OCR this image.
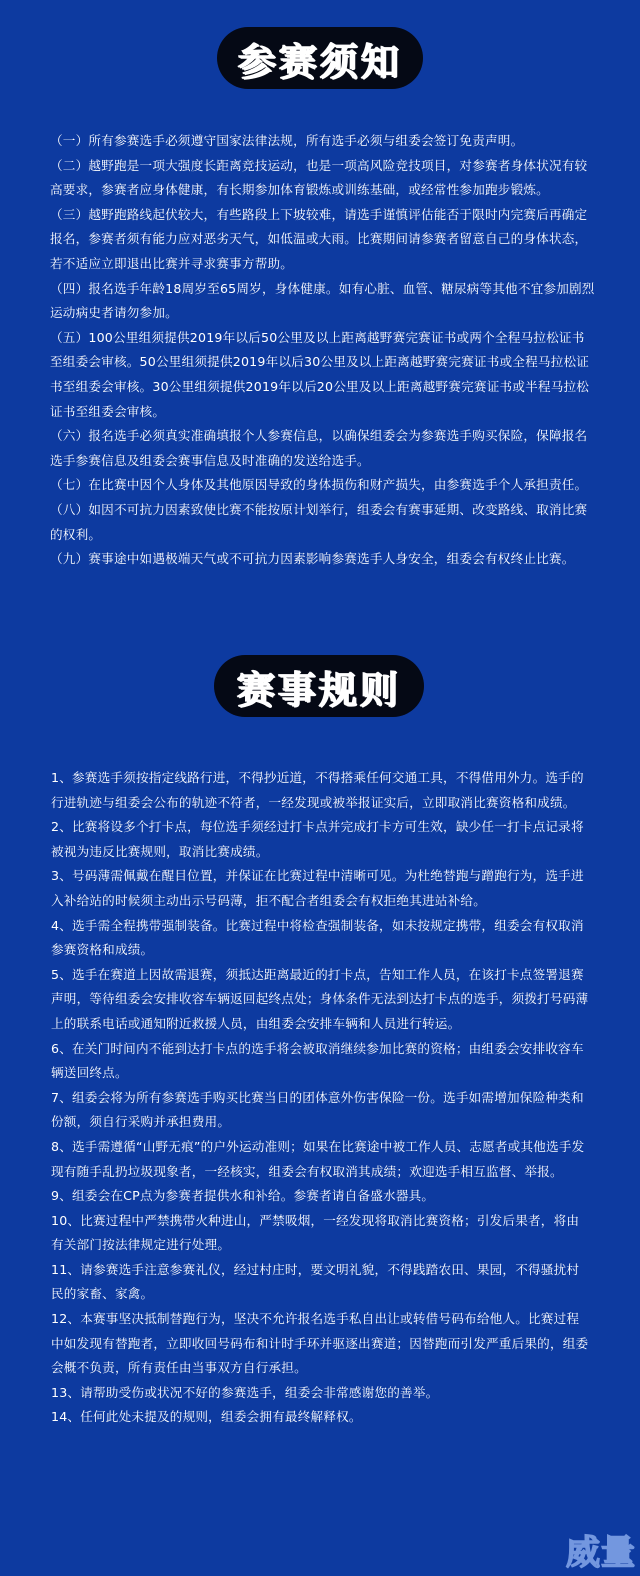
参赛须知

（一）所有参赛选手必须遵守国家法律法规，所有选手必须与组委会签订免责声明。

（二）越野跑是一项大强度长距离竞技运动，也是一项高风险竞技项目，对参赛者身体状况有较高要求，参赛者应身体健康，有长期参加体育锻炼或训练基础，或经常性参加跑步锻炼。

（三）越野跑路线起伏较大，有些路段上下坡较难，请选手谨慎评估能否于限时内完赛后再确定报名，参赛者须有能力应对恶劣天气，如低温或大雨。比赛期间请参赛者留意自己的身体状态，若不适应立即退出比赛并寻求赛事方帮助。

（四）报名选手年龄18周岁至65周岁，身体健康。如有心脏、血管、糖尿病等其他不宜参加剧烈运动病史者请勿参加。

（五）100公里组须提供2019年以后50公里及以上距离越野赛完赛证书或两个全程马拉松证书至组委会审核。50公里组须提供2019年以后30公里及以上距离越野赛完赛证书或全程马拉松证书至组委会审核。30公里组须提供2019年以后20公里及以上距离越野赛完赛证书或半程马拉松证书至组委会审核。

（六）报名选手必须真实准确填报个人参赛信息，以确保组委会为参赛选手购买保险，保障报名选手参赛信息及组委会赛事信息及时准确的发送给选手。

（七）在比赛中因个人身体及其他原因导致的身体损伤和财产损失，由参赛选手个人承担责任。

（八）如因不可抗力因素致使比赛不能按原计划举行，组委会有赛事延期、改变路线、取消比赛的权利。

（九）赛事途中如遇极端天气或不可抗力因素影响参赛选手人身安全，组委会有权终止比赛。

赛事规则

1、参赛选手须按指定线路行进，不得抄近道，不得搭乘任何交通工具，不得借用外力。选手的行进轨迹与组委会公布的轨迹不符者，一经发现或被举报证实后，立即取消比赛资格和成绩。

2、比赛将设多个打卡点，每位选手须经过打卡点并完成打卡方可生效，缺少任一打卡点记录将被视为违反比赛规则，取消比赛成绩。

3、号码薄需佩戴在醒目位置，并保证在比赛过程中清晰可见。为杜绝替跑与蹭跑行为，选手进入补给站的时候须主动出示号码薄，拒不配合者组委会有权拒绝其进站补给。

4、选手需全程携带强制装备。比赛过程中将检查强制装备，如未按规定携带，组委会有权取消参赛资格和成绩。

5、选手在赛道上因故需退赛，须抵达距离最近的打卡点，告知工作人员，在该打卡点签署退赛声明，等待组委会安排收容车辆返回起终点处；身体条件无法到达打卡点的选手，须拨打号码薄上的联系电话或通知附近救援人员，由组委会安排车辆和人员进行转运。

6、在关门时间内不能到达打卡点的选手将会被取消继续参加比赛的资格；由组委会安排收容车辆送回终点。

7、组委会将为所有参赛选手购买比赛当日的团体意外伤害保险一份。选手如需增加保险种类和份额，须自行采购并承担费用。

8、选手需遵循“山野无痕”的户外运动准则；如果在比赛途中被工作人员、志愿者或其他选手发现有随手乱扔垃圾现象者，一经核实，组委会有权取消其成绩；欢迎选手相互监督、举报。

9、组委会在CP点为参赛者提供水和补给。参赛者请自备盛水器具。

10、比赛过程中严禁携带火种进山，严禁吸烟，一经发现将取消比赛资格；引发后果者，将由有关部门按法律规定进行处理。

11、请参赛选手注意参赛礼仪，经过村庄时，要文明礼貌，不得践踏农田、果园，不得骚扰村民的家畜、家禽。

12、本赛事坚决抵制替跑行为，坚决不允许报名选手私自出让或转借号码布给他人。比赛过程中如发现有替跑者，立即收回号码布和计时手环并驱逐出赛道；因替跑而引发严重后果的，组委会概不负责，所有责任由当事双方自行承担。

13、请帮助受伤或状况不好的参赛选手，组委会非常感谢您的善举。

14、任何此处未提及的规则，组委会拥有最终解释权。

威量
